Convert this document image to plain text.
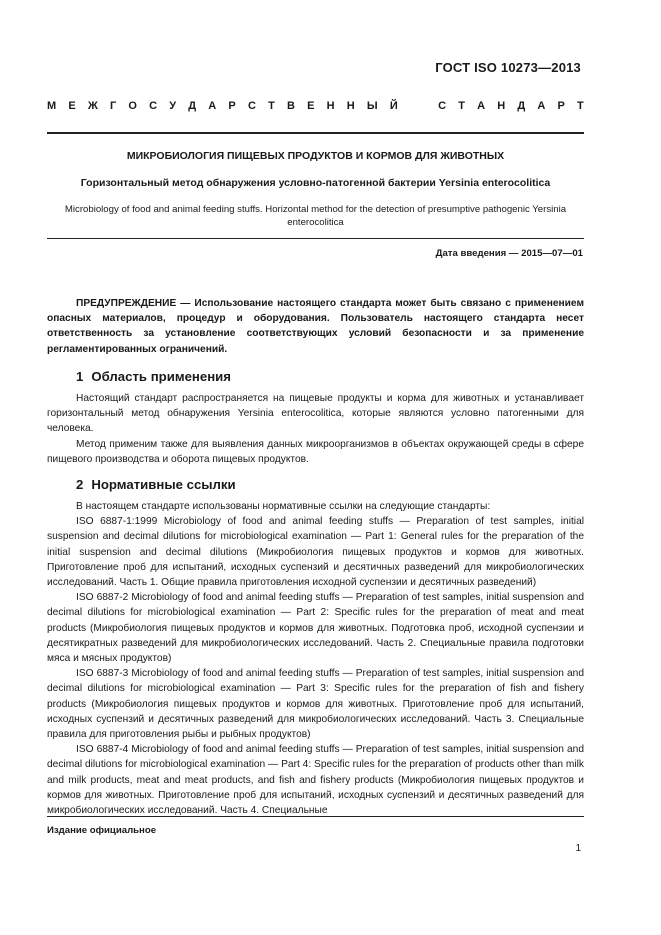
ГОСТ ISO 10273—2013
М Е Ж Г О С У Д А Р С Т В Е Н Н Ы Й	С Т А Н Д А Р Т
МИКРОБИОЛОГИЯ ПИЩЕВЫХ ПРОДУКТОВ И КОРМОВ ДЛЯ ЖИВОТНЫХ
Горизонтальный метод обнаружения условно-патогенной бактерии Yersinia enterocolitica
Microbiology of food and animal feeding stuffs. Horizontal method for the detection of presumptive pathogenic Yersinia enterocolitica
Дата введения — 2015—07—01

ПРЕДУПРЕЖДЕНИЕ — Использование настоящего стандарта может быть связано с применением опасных материалов, процедур и оборудования. Пользователь настоящего стандарта несет ответственность за установление соответствующих условий безопасности и за применение регламентированных ограничений.

1 Область применения

Настоящий стандарт распространяется на пищевые продукты и корма для животных и устанавливает горизонтальный метод обнаружения Yersinia enterocolitica, которые являются условно патогенными для человека.

Метод применим также для выявления данных микроорганизмов в объектах окружающей среды в сфере пищевого производства и оборота пищевых продуктов.

2 Нормативные ссылки

В настоящем стандарте использованы нормативные ссылки на следующие стандарты:

ISO 6887-1:1999 Microbiology of food and animal feeding stuffs — Preparation of test samples, initial suspension and decimal dilutions for microbiological examination — Part 1: General rules for the preparation of the initial suspension and decimal dilutions (Микробиология пищевых продуктов и кормов для животных. Приготовление проб для испытаний, исходных суспензий и десятичных разведений для микробиологических исследований. Часть 1. Общие правила приготовления исходной суспензии и десятичных разведений)

ISO 6887-2 Microbiology of food and animal feeding stuffs — Preparation of test samples, initial suspension and decimal dilutions for microbiological examination — Part 2: Specific rules for the preparation of meat and meat products (Микробиология пищевых продуктов и кормов для животных. Подготовка проб, исходной суспензии и десятикратных разведений для микробиологических исследований. Часть 2. Специальные правила подготовки мяса и мясных продуктов)

ISO 6887-3 Microbiology of food and animal feeding stuffs — Preparation of test samples, initial suspension and decimal dilutions for microbiological examination — Part 3: Specific rules for the preparation of fish and fishery products (Микробиология пищевых продуктов и кормов для животных. Приготовление проб для испытаний, исходных суспензий и десятичных разведений для микробиологических исследований. Часть 3. Специальные правила для приготовления рыбы и рыбных продуктов)

ISO 6887-4 Microbiology of food and animal feeding stuffs — Preparation of test samples, initial suspension and decimal dilutions for microbiological examination — Part 4: Specific rules for the preparation of products other than milk and milk products, meat and meat products, and fish and fishery products (Микробиология пищевых продуктов и кормов для животных. Приготовление проб для испытаний, исходных суспензий и десятичных разведений для микробиологических исследований. Часть 4. Специальные

Издание официальное
1
